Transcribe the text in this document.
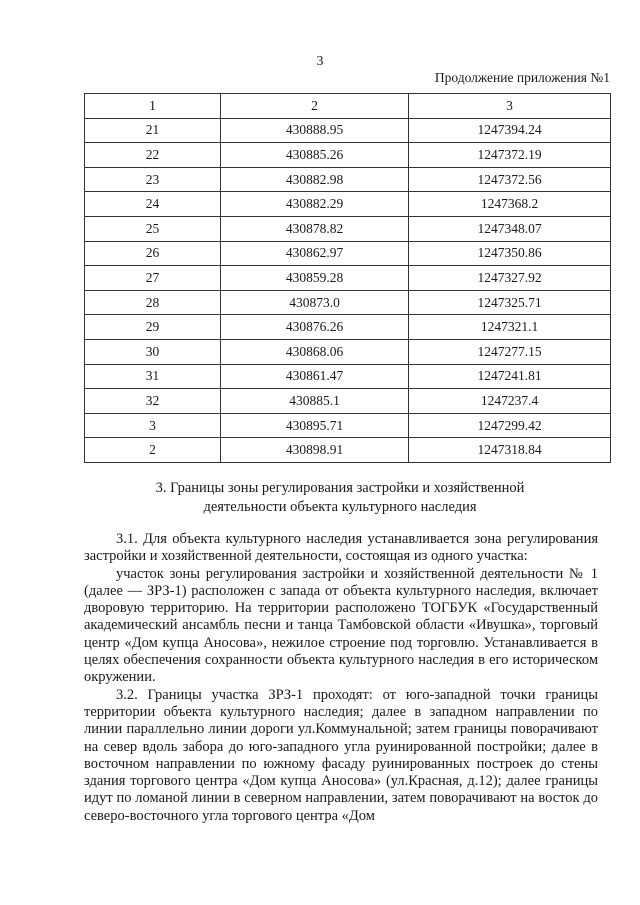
3
Продолжение приложения №1
1	2	3
21	430888.95	1247394.24
22	430885.26	1247372.19
23	430882.98	1247372.56
24	430882.29	1247368.2
25	430878.82	1247348.07
26	430862.97	1247350.86
27	430859.28	1247327.92
28	430873.0	1247325.71
29	430876.26	1247321.1
30	430868.06	1247277.15
31	430861.47	1247241.81
32	430885.1	1247237.4
3	430895.71	1247299.42
2	430898.91	1247318.84
3. Границы зоны регулирования застройки и хозяйственной
деятельности объекта культурного наследия

3.1. Для объекта культурного наследия устанавливается зона регулирования застройки и хозяйственной деятельности, состоящая из одного участка:

участок зоны регулирования застройки и хозяйственной деятельности № 1 (далее — ЗРЗ-1) расположен с запада от объекта культурного наследия, включает дворовую территорию. На территории расположено ТОГБУК «Государственный академический ансамбль песни и танца Тамбовской области «Ивушка», торговый центр «Дом купца Аносова», нежилое строение под торговлю. Устанавливается в целях обеспечения сохранности объекта культурного наследия в его историческом окружении.

3.2. Границы участка ЗРЗ-1 проходят: от юго-западной точки границы территории объекта культурного наследия; далее в западном направлении по линии параллельно линии дороги ул.Коммунальной; затем границы поворачивают на север вдоль забора до юго-западного угла руинированной постройки; далее в восточном направлении по южному фасаду руинированных построек до стены здания торгового центра «Дом купца Аносова» (ул.Красная, д.12); далее границы идут по ломаной линии в северном направлении, затем поворачивают на восток до северо-восточного угла торгового центра «Дом
